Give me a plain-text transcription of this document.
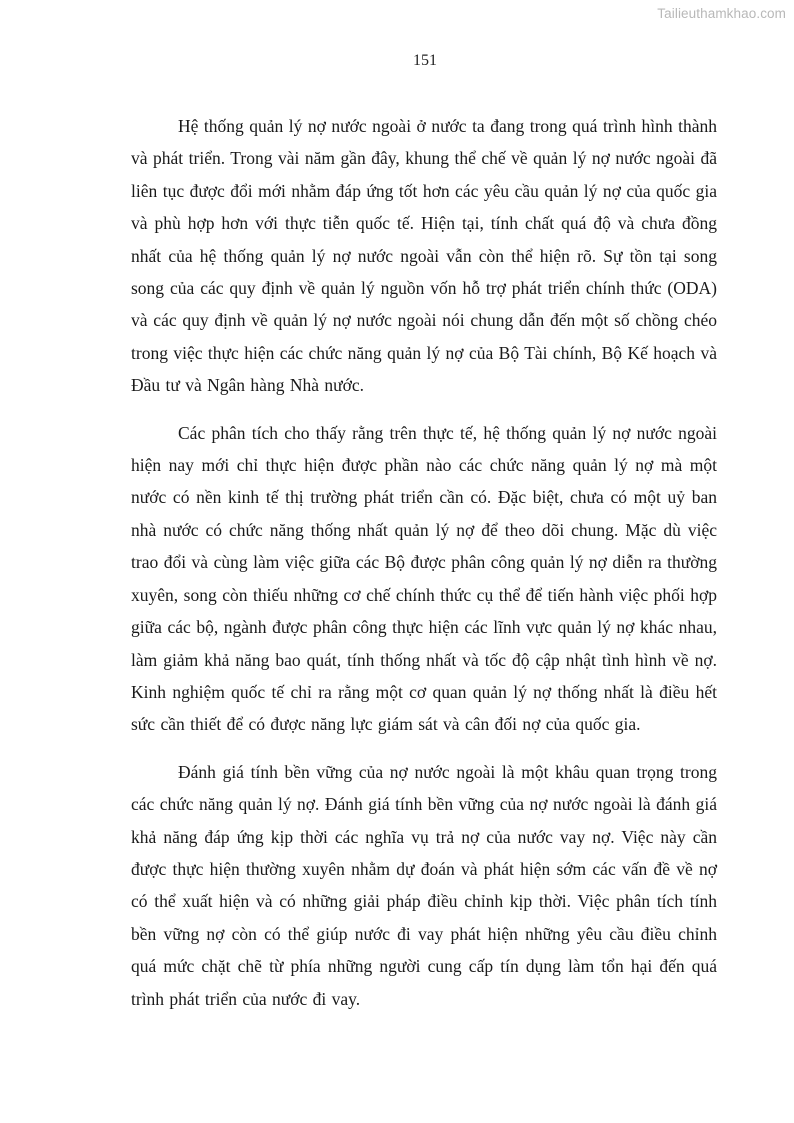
Tailieuthamkhao.com
151

Hệ thống quản lý nợ nước ngoài ở nước ta đang trong quá trình hình thành và phát triển. Trong vài năm gần đây, khung thể chế về quản lý nợ nước ngoài đã liên tục được đổi mới nhằm đáp ứng tốt hơn các yêu cầu quản lý nợ của quốc gia và phù hợp hơn với thực tiễn quốc tế. Hiện tại, tính chất quá độ và chưa đồng nhất của hệ thống quản lý nợ nước ngoài vẫn còn thể hiện rõ. Sự tồn tại song song của các quy định về quản lý nguồn vốn hỗ trợ phát triển chính thức (ODA) và các quy định về quản lý nợ nước ngoài nói chung dẫn đến một số chồng chéo trong việc thực hiện các chức năng quản lý nợ của Bộ Tài chính, Bộ Kế hoạch và Đầu tư và Ngân hàng Nhà nước.

Các phân tích cho thấy rằng trên thực tế, hệ thống quản lý nợ nước ngoài hiện nay mới chỉ thực hiện được phần nào các chức năng quản lý nợ mà một nước có nền kinh tế thị trường phát triển cần có. Đặc biệt, chưa có một uỷ ban nhà nước có chức năng thống nhất quản lý nợ để theo dõi chung. Mặc dù việc trao đổi và cùng làm việc giữa các Bộ được phân công quản lý nợ diễn ra thường xuyên, song còn thiếu những cơ chế chính thức cụ thể để tiến hành việc phối hợp giữa các bộ, ngành được phân công thực hiện các lĩnh vực quản lý nợ khác nhau, làm giảm khả năng bao quát, tính thống nhất và tốc độ cập nhật tình hình về nợ. Kinh nghiệm quốc tế chỉ ra rằng một cơ quan quản lý nợ thống nhất là điều hết sức cần thiết để có được năng lực giám sát và cân đối nợ của quốc gia.

Đánh giá tính bền vững của nợ nước ngoài là một khâu quan trọng trong các chức năng quản lý nợ. Đánh giá tính bền vững của nợ nước ngoài là đánh giá khả năng đáp ứng kịp thời các nghĩa vụ trả nợ của nước vay nợ. Việc này cần được thực hiện thường xuyên nhằm dự đoán và phát hiện sớm các vấn đề về nợ có thể xuất hiện và có những giải pháp điều chỉnh kịp thời. Việc phân tích tính bền vững nợ còn có thể giúp nước đi vay phát hiện những yêu cầu điều chỉnh quá mức chặt chẽ từ phía những người cung cấp tín dụng làm tổn hại đến quá trình phát triển của nước đi vay.
